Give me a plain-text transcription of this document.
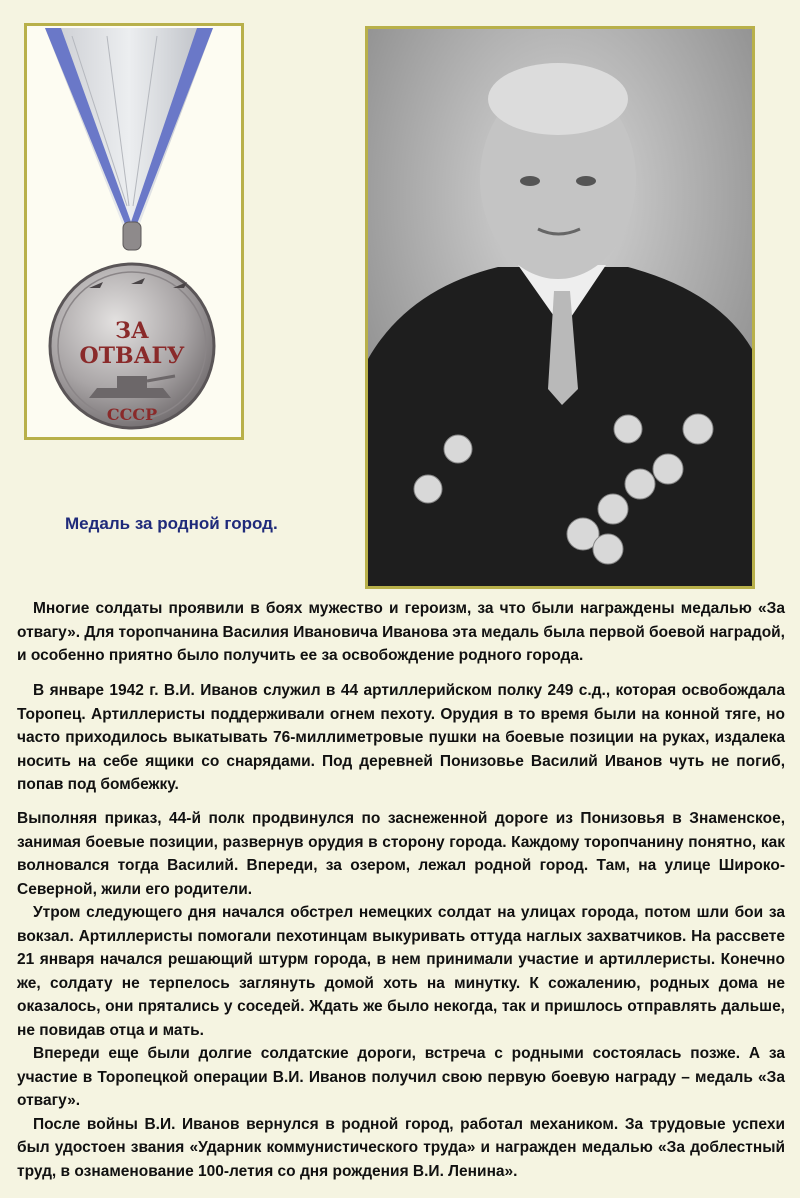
ЗА
ОТВАГУ
СССР
Медаль за родной город.

Многие солдаты проявили в боях мужество и героизм, за что были награждены медалью «За отвагу». Для торопчанина Василия Ивановича Иванова эта медаль была первой боевой наградой, и особенно приятно было получить ее за освобождение родного города.

В январе 1942 г. В.И. Иванов служил в 44 артиллерийском полку 249 с.д., которая освобождала Торопец. Артиллеристы поддерживали огнем пехоту. Орудия в то время были на конной тяге, но часто приходилось выкатывать 76-миллиметровые пушки на боевые позиции на руках, издалека носить на себе ящики со снарядами. Под деревней Понизовье Василий Иванов чуть не погиб, попав под бомбежку.

Выполняя приказ, 44-й полк продвинулся по заснеженной дороге из Понизовья в Знаменское, занимая боевые позиции, развернув орудия в сторону города. Каждому торопчанину понятно, как волновался тогда Василий. Впереди, за озером, лежал родной город. Там, на улице Широко-Северной, жили его родители.

Утром следующего дня начался обстрел немецких солдат на улицах города, потом шли бои за вокзал. Артиллеристы помогали пехотинцам выкуривать оттуда наглых захватчиков. На рассвете 21 января начался решающий штурм города, в нем принимали участие и артиллеристы. Конечно же, солдату не терпелось заглянуть домой хоть на минутку. К сожалению, родных дома не оказалось, они прятались у соседей. Ждать же было некогда, так и пришлось отправлять дальше, не повидав отца и мать.

Впереди еще были долгие солдатские дороги, встреча с родными состоялась позже. А за участие в Торопецкой операции В.И. Иванов получил свою первую боевую награду – медаль «За отвагу».

После войны В.И. Иванов вернулся в родной город, работал механиком. За трудовые успехи был удостоен звания «Ударник коммунистического труда» и награжден медалью «За доблестный труд, в ознаменование 100-летия со дня рождения В.И. Ленина».
